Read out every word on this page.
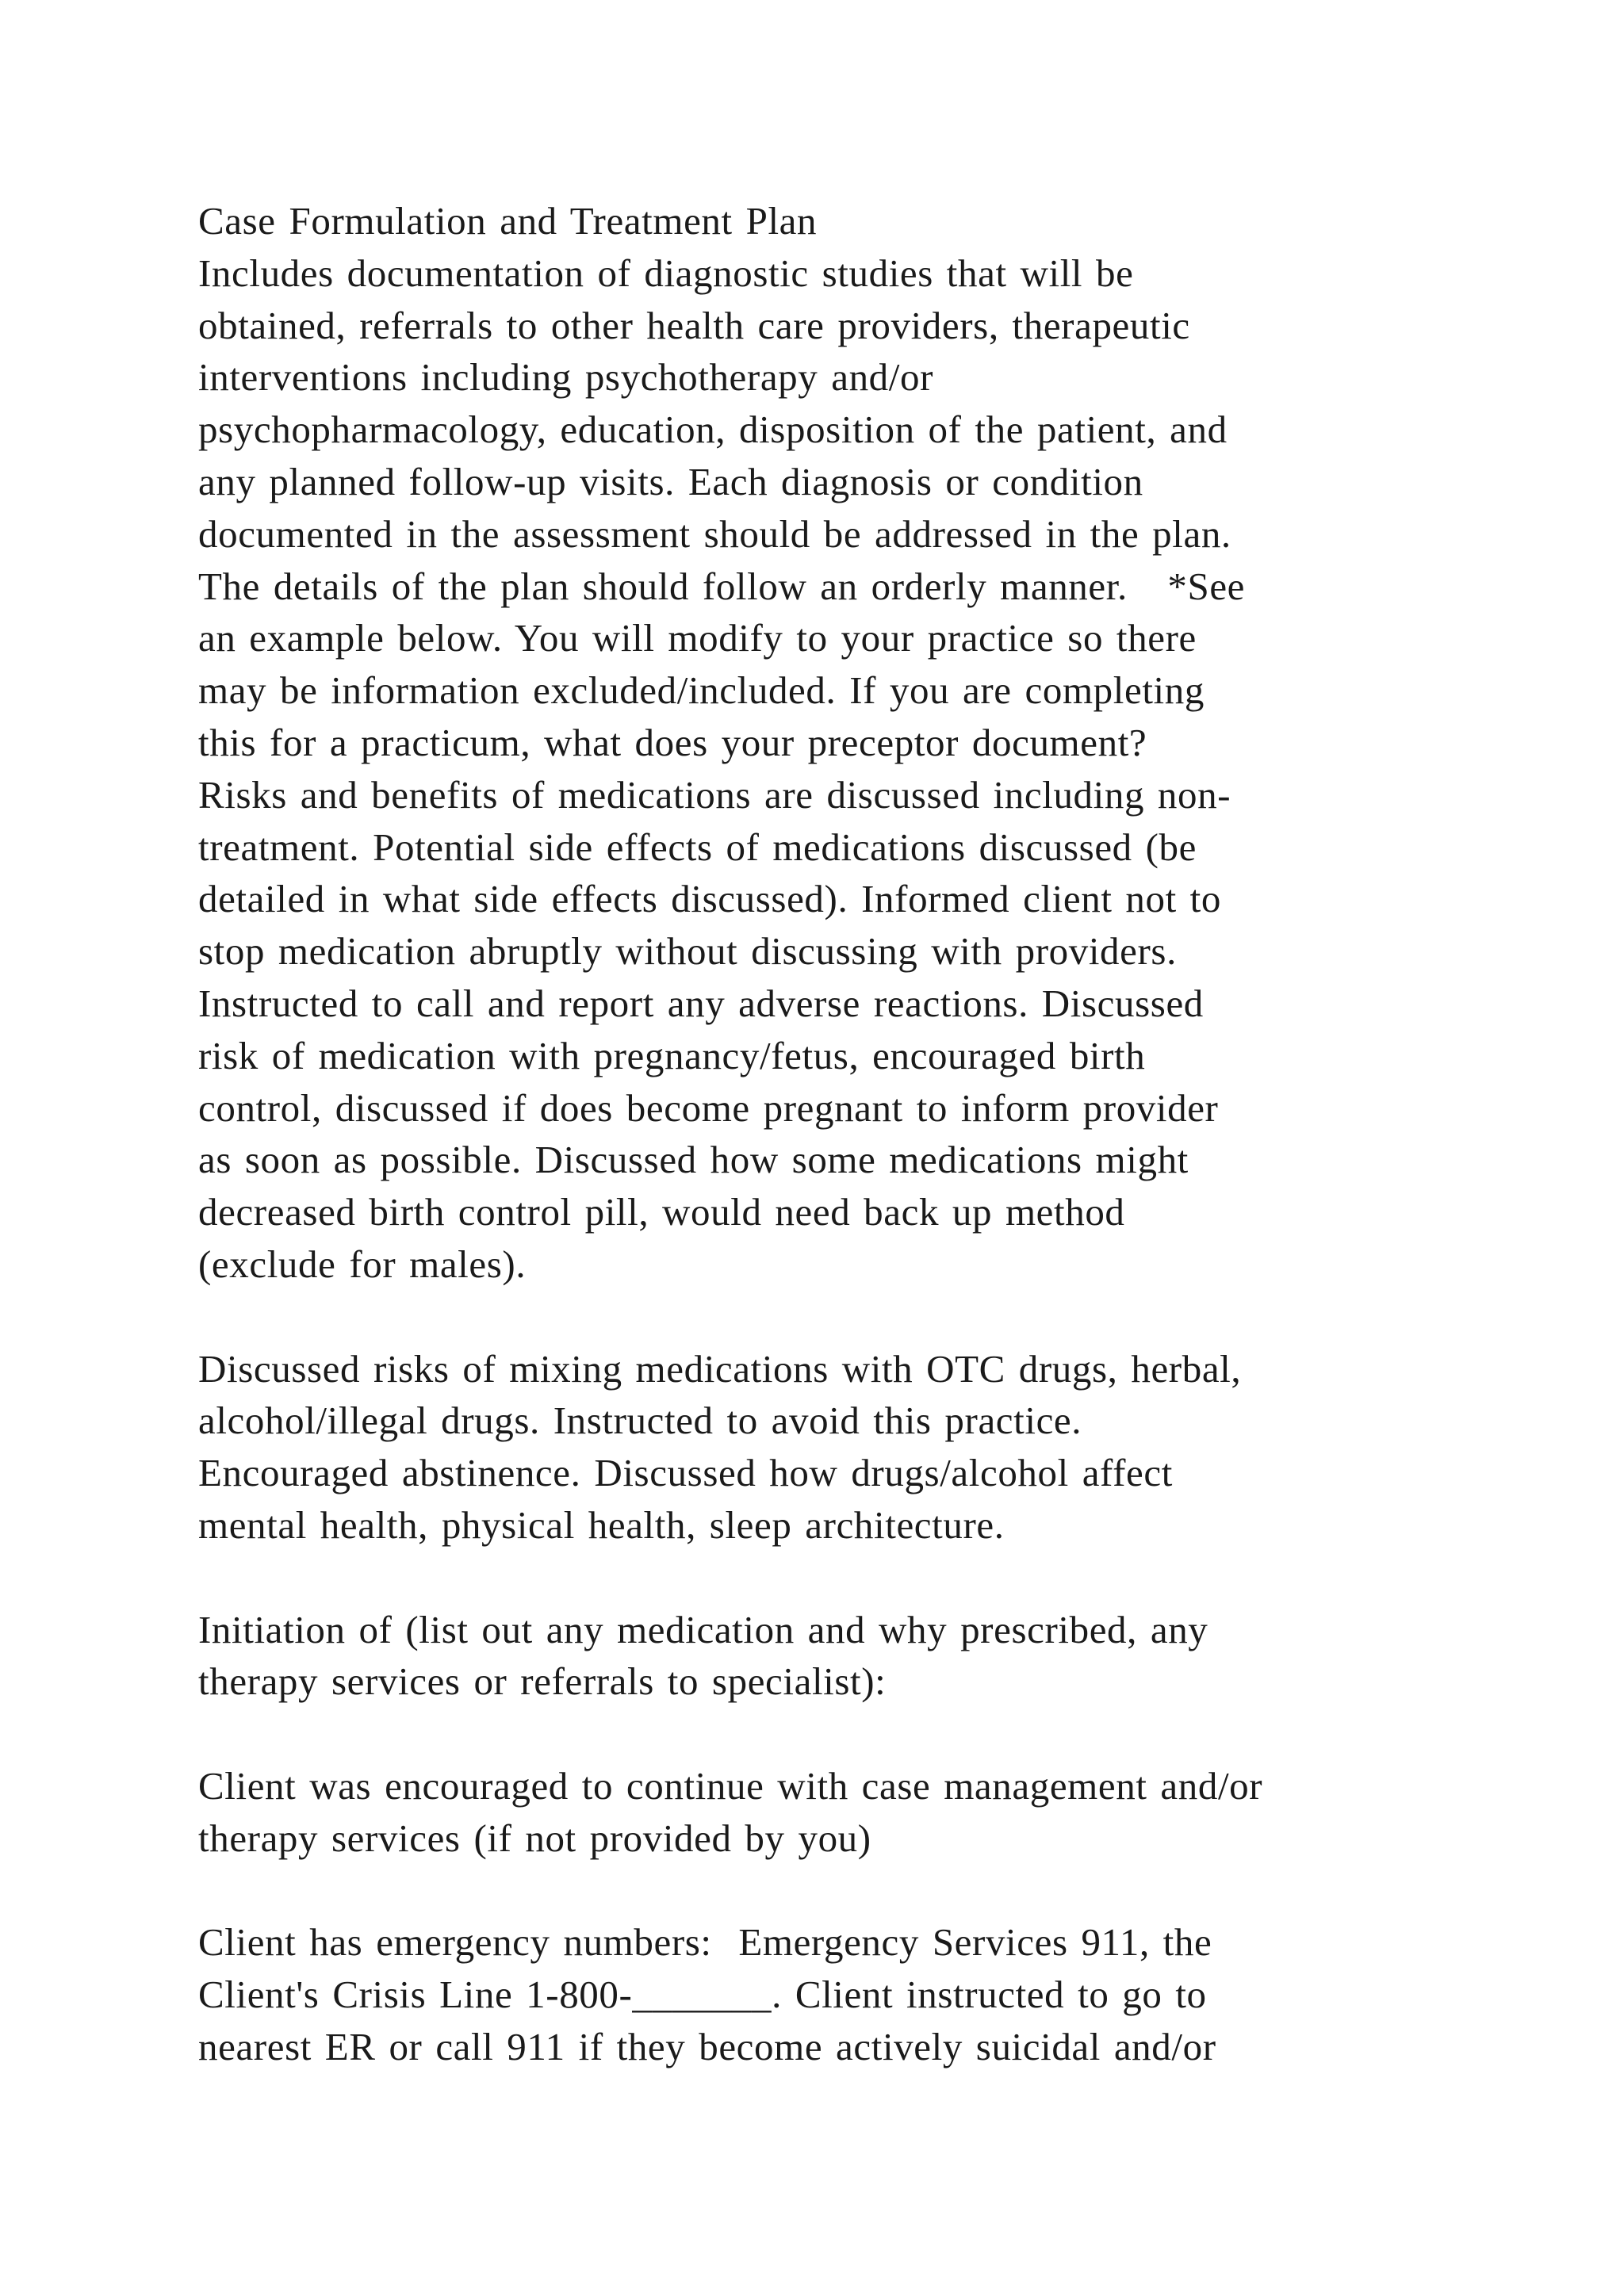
Case Formulation and Treatment Plan
Includes documentation of diagnostic studies that will be
obtained, referrals to other health care providers, therapeutic
interventions including psychotherapy and/or
psychopharmacology, education, disposition of the patient, and
any planned follow-up visits. Each diagnosis or condition
documented in the assessment should be addressed in the plan.
The details of the plan should follow an orderly manner.   *See
an example below. You will modify to your practice so there
may be information excluded/included. If you are completing
this for a practicum, what does your preceptor document?
Risks and benefits of medications are discussed including non-
treatment. Potential side effects of medications discussed (be
detailed in what side effects discussed). Informed client not to
stop medication abruptly without discussing with providers.
Instructed to call and report any adverse reactions. Discussed
risk of medication with pregnancy/fetus, encouraged birth
control, discussed if does become pregnant to inform provider
as soon as possible. Discussed how some medications might
decreased birth control pill, would need back up method
(exclude for males).
Discussed risks of mixing medications with OTC drugs, herbal,
alcohol/illegal drugs. Instructed to avoid this practice.
Encouraged abstinence. Discussed how drugs/alcohol affect
mental health, physical health, sleep architecture.
Initiation of (list out any medication and why prescribed, any
therapy services or referrals to specialist):
Client was encouraged to continue with case management and/or
therapy services (if not provided by you)
Client has emergency numbers:  Emergency Services 911, the
Client's Crisis Line 1-800-_______. Client instructed to go to
nearest ER or call 911 if they become actively suicidal and/or
